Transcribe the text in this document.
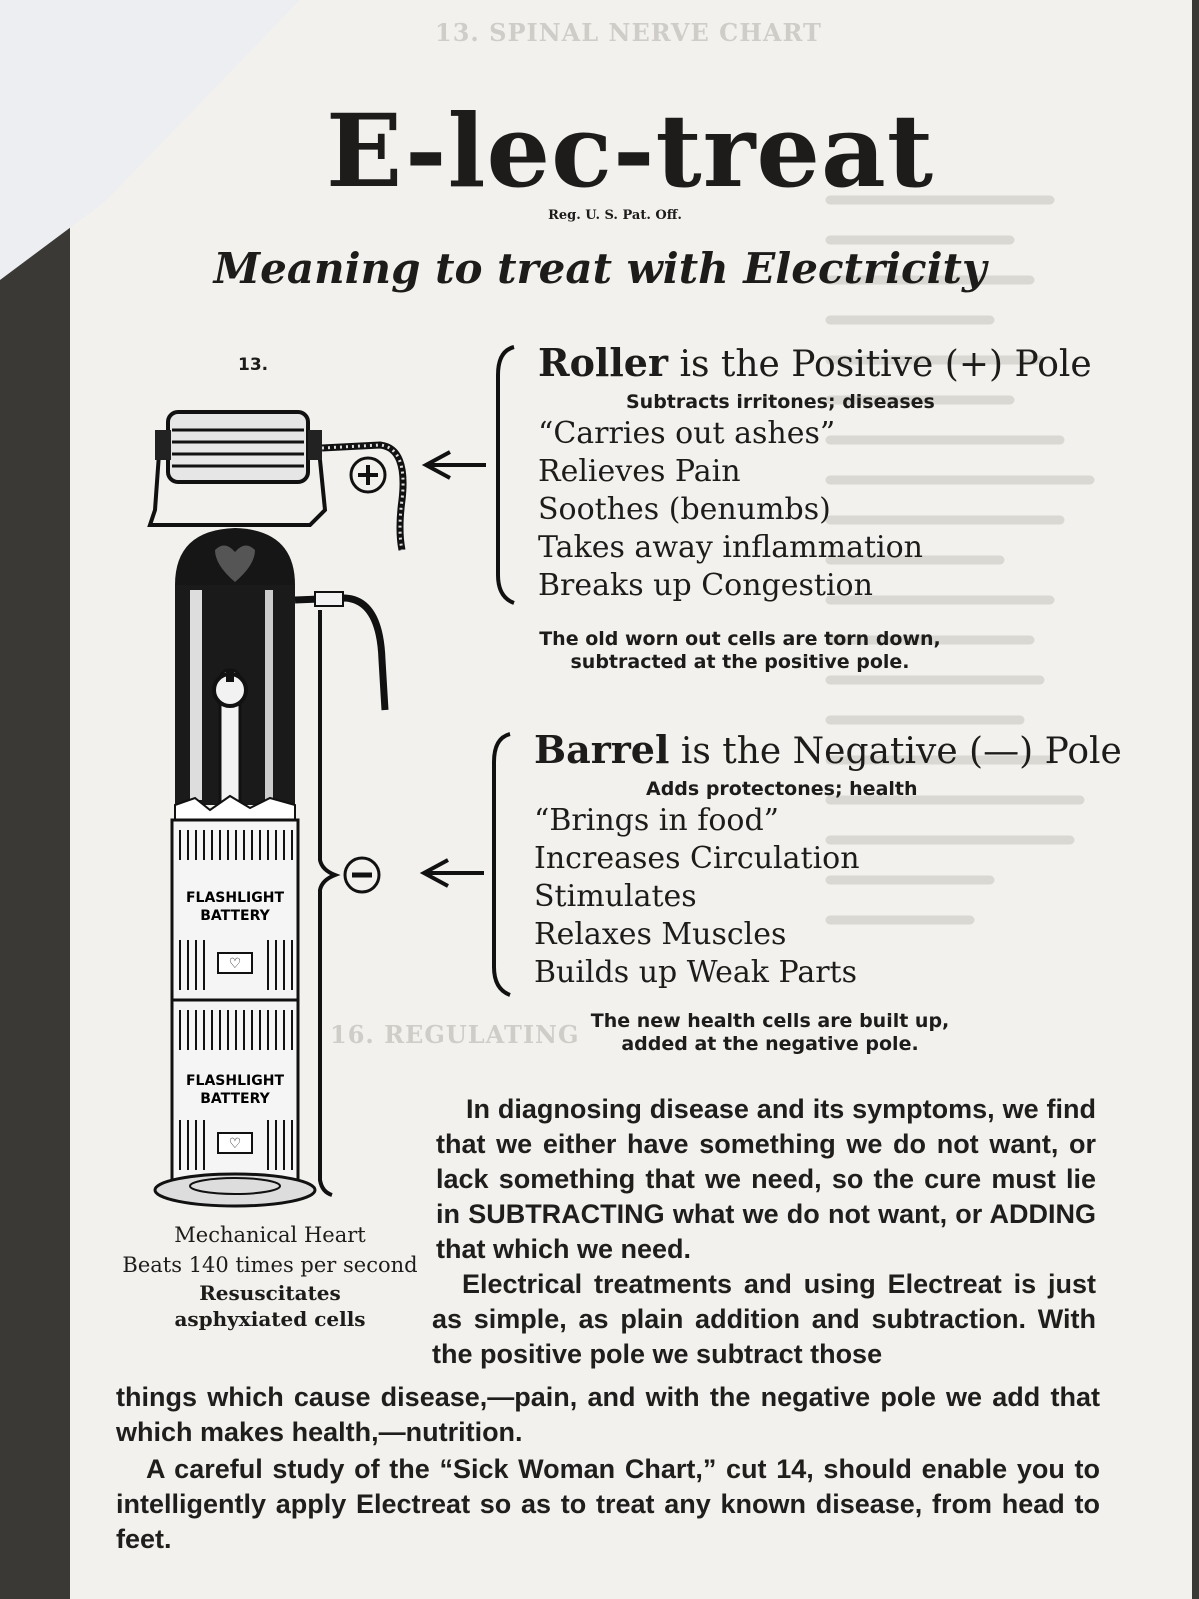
13. SPINAL NERVE CHART
16. REGULATING
E-lec-treat
Reg. U. S. Pat. Off.
Meaning to treat with Electricity
13.
♡
FLASHLIGHT
BATTERY
♡
FLASHLIGHT
BATTERY
Roller is the Positive (+) Pole
Subtracts irritones; diseases
“Carries out ashes”
Relieves Pain
Soothes (benumbs)
Takes away inflammation
Breaks up Congestion
The old worn out cells are torn down,
subtracted at the positive pole.
Barrel is the Negative (—) Pole
Adds protectones; health
“Brings in food”
Increases Circulation
Stimulates
Relaxes Muscles
Builds up Weak Parts
The new health cells are built up,
added at the negative pole.
Mechanical Heart
Beats 140 times per second
Resuscitates
asphyxiated cells
In diagnosing disease and its symptoms, we find that we either have something we do not want, or lack something that we need, so the cure must lie in SUBTRACTING what we do not want, or ADDING that which we need.
Electrical treatments and using Electreat is just as simple, as plain addition and subtraction. With the positive pole we subtract those
things which cause disease,—pain, and with the negative pole we add that which makes health,—nutrition.
A careful study of the “Sick Woman Chart,” cut 14, should enable you to intelligently apply Electreat so as to treat any known disease, from head to feet.
